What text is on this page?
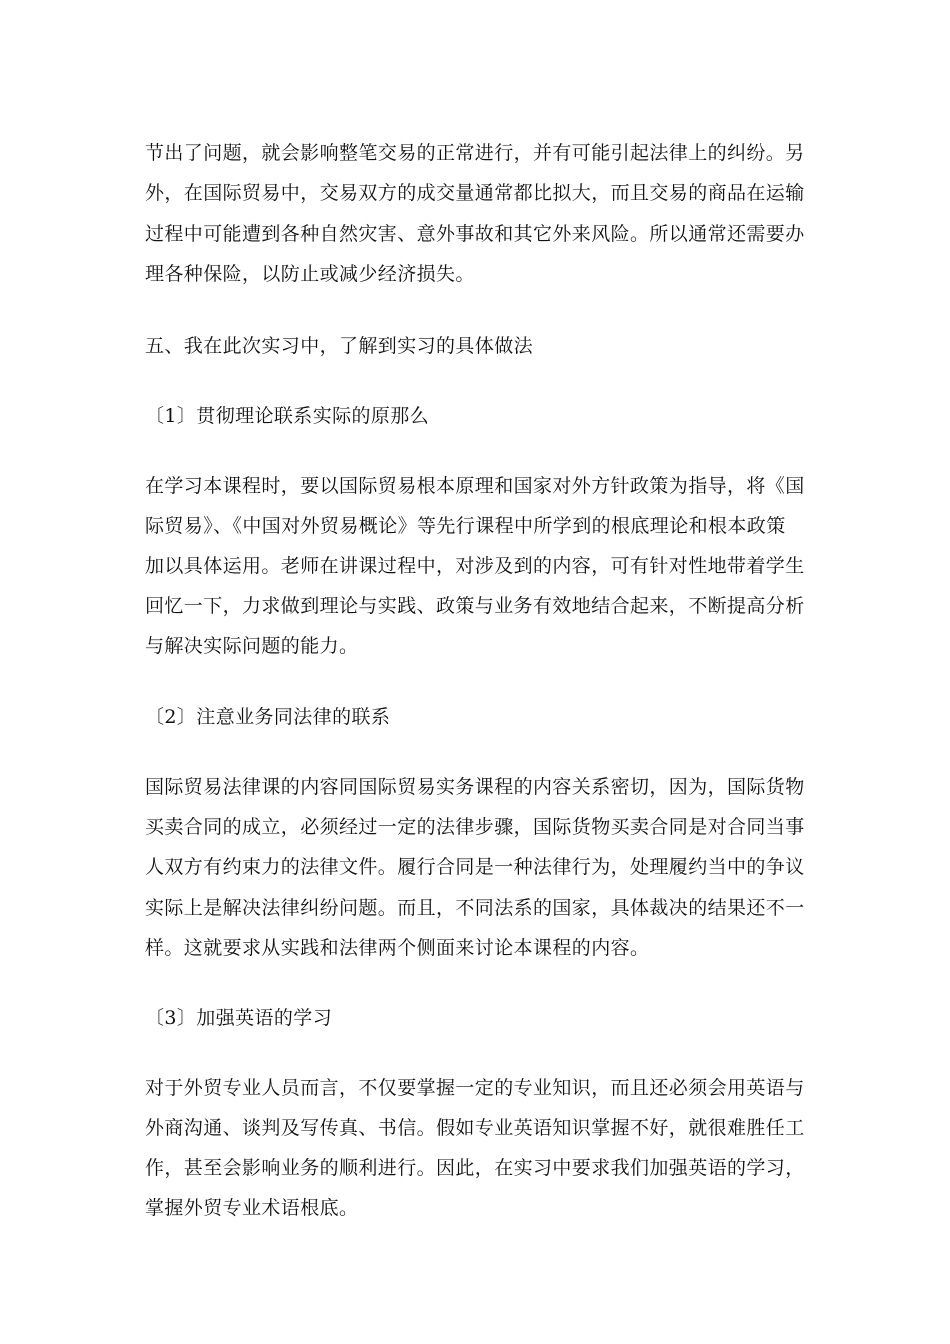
节出了问题，就会影响整笔交易的正常进行，并有可能引起法律上的纠纷。另
外，在国际贸易中，交易双方的成交量通常都比拟大，而且交易的商品在运输
过程中可能遭到各种自然灾害、意外事故和其它外来风险。所以通常还需要办
理各种保险，以防止或减少经济损失。
五、我在此次实习中，了解到实习的具体做法
〔1〕贯彻理论联系实际的原那么
在学习本课程时，要以国际贸易根本原理和国家对外方针政策为指导，将《国
际贸易》、《中国对外贸易概论》等先行课程中所学到的根底理论和根本政策
加以具体运用。老师在讲课过程中，对涉及到的内容，可有针对性地带着学生
回忆一下，力求做到理论与实践、政策与业务有效地结合起来，不断提高分析
与解决实际问题的能力。
〔2〕注意业务同法律的联系
国际贸易法律课的内容同国际贸易实务课程的内容关系密切，因为，国际货物
买卖合同的成立，必须经过一定的法律步骤，国际货物买卖合同是对合同当事
人双方有约束力的法律文件。履行合同是一种法律行为，处理履约当中的争议
实际上是解决法律纠纷问题。而且，不同法系的国家，具体裁决的结果还不一
样。这就要求从实践和法律两个侧面来讨论本课程的内容。
〔3〕加强英语的学习
对于外贸专业人员而言，不仅要掌握一定的专业知识，而且还必须会用英语与
外商沟通、谈判及写传真、书信。假如专业英语知识掌握不好，就很难胜任工
作，甚至会影响业务的顺利进行。因此，在实习中要求我们加强英语的学习，
掌握外贸专业术语根底。
